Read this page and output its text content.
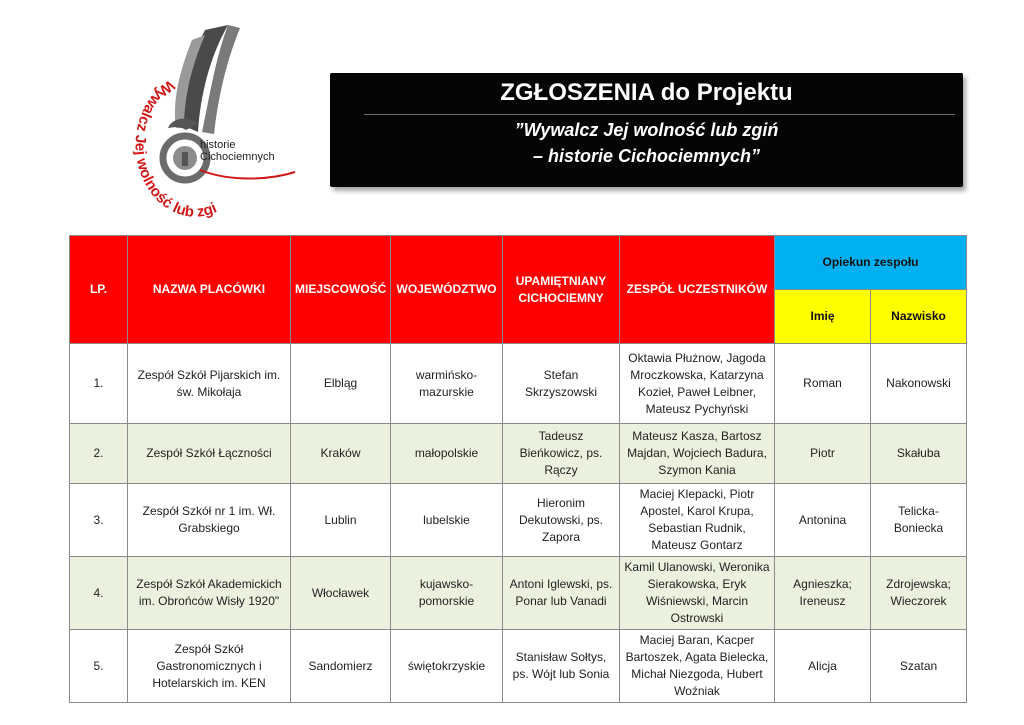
Wywalcz Jej wolność lub zgi
historie
Cichociemnych
ZGŁOSZENIA do Projektu
”Wywalcz Jej wolność lub zgiń
– historie Cichociemnych”
LP.	NAZWA PLACÓWKI	MIEJSCOWOŚĆ	WOJEWÓDZTWO	UPAMIĘTNIANY CICHOCIEMNY	ZESPÓŁ UCZESTNIKÓW	Opiekun zespołu	
						Imię	Nazwisko
1.	Zespół Szkół Pijarskich im. św. Mikołaja	Elbląg	warmińsko-mazurskie	Stefan Skrzyszowski	Oktawia Płużnow, Jagoda Mroczkowska, Katarzyna Kozieł, Paweł Leibner, Mateusz Pychyński	Roman	Nakonowski
2.	Zespół Szkół Łączności	Kraków	małopolskie	Tadeusz Bieńkowicz, ps. Rączy	Mateusz Kasza, Bartosz Majdan, Wojciech Badura, Szymon Kania	Piotr	Skałuba
3.	Zespół Szkół nr 1 im. Wł. Grabskiego	Lublin	lubelskie	Hieronim Dekutowski, ps. Zapora	Maciej Klepacki, Piotr Apostel, Karol Krupa, Sebastian Rudnik, Mateusz Gontarz	Antonina	Telicka-Boniecka
4.	Zespół Szkół Akademickich im. Obrońców Wisły 1920"	Włocławek	kujawsko-pomorskie	Antoni Iglewski, ps. Ponar lub Vanadi	Kamil Ulanowski, Weronika Sierakowska, Eryk Wiśniewski, Marcin Ostrowski	Agnieszka; Ireneusz	Zdrojewska; Wieczorek
5.	Zespół Szkół Gastronomicznych i Hotelarskich im. KEN	Sandomierz	świętokrzyskie	Stanisław Sołtys, ps. Wójt lub Sonia	Maciej Baran, Kacper Bartoszek, Agata Bielecka, Michał Niezgoda, Hubert Woźniak	Alicja	Szatan
